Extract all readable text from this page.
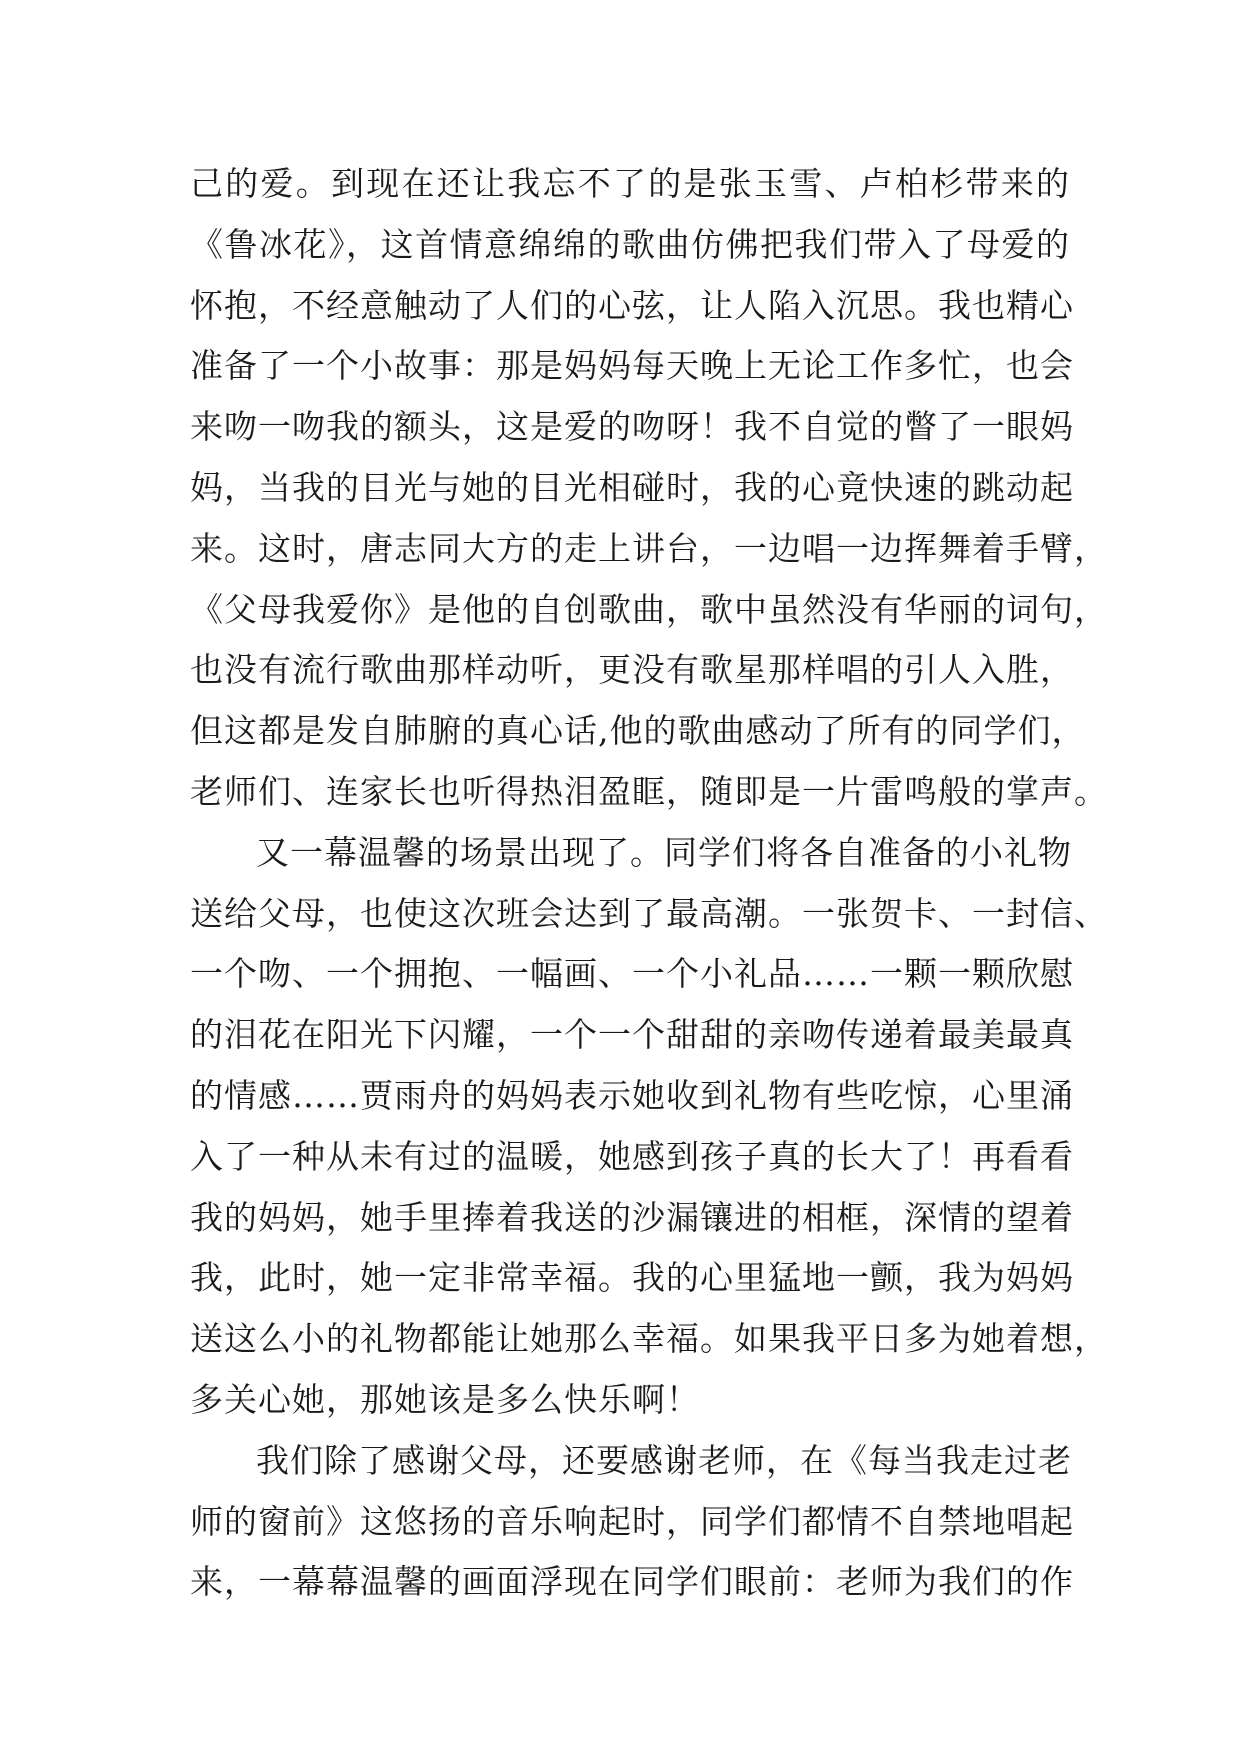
己的爱。到现在还让我忘不了的是张玉雪、卢柏杉带来的
《鲁冰花》，这首情意绵绵的歌曲仿佛把我们带入了母爱的
怀抱，不经意触动了人们的心弦，让人陷入沉思。我也精心
准备了一个小故事：那是妈妈每天晚上无论工作多忙，也会
来吻一吻我的额头，这是爱的吻呀！我不自觉的瞥了一眼妈
妈，当我的目光与她的目光相碰时，我的心竟快速的跳动起
来。这时，唐志同大方的走上讲台，一边唱一边挥舞着手臂，
《父母我爱你》是他的自创歌曲，歌中虽然没有华丽的词句，
也没有流行歌曲那样动听，更没有歌星那样唱的引人入胜，
但这都是发自肺腑的真心话,他的歌曲感动了所有的同学们，
老师们、连家长也听得热泪盈眶，随即是一片雷鸣般的掌声。
又一幕温馨的场景出现了。同学们将各自准备的小礼物
送给父母，也使这次班会达到了最高潮。一张贺卡、一封信、
一个吻、一个拥抱、一幅画、一个小礼品……一颗一颗欣慰
的泪花在阳光下闪耀，一个一个甜甜的亲吻传递着最美最真
的情感……贾雨舟的妈妈表示她收到礼物有些吃惊，心里涌
入了一种从未有过的温暖，她感到孩子真的长大了！再看看
我的妈妈，她手里捧着我送的沙漏镶进的相框，深情的望着
我，此时，她一定非常幸福。我的心里猛地一颤，我为妈妈
送这么小的礼物都能让她那么幸福。如果我平日多为她着想，
多关心她，那她该是多么快乐啊！
我们除了感谢父母，还要感谢老师，在《每当我走过老
师的窗前》这悠扬的音乐响起时，同学们都情不自禁地唱起
来，一幕幕温馨的画面浮现在同学们眼前：老师为我们的作
